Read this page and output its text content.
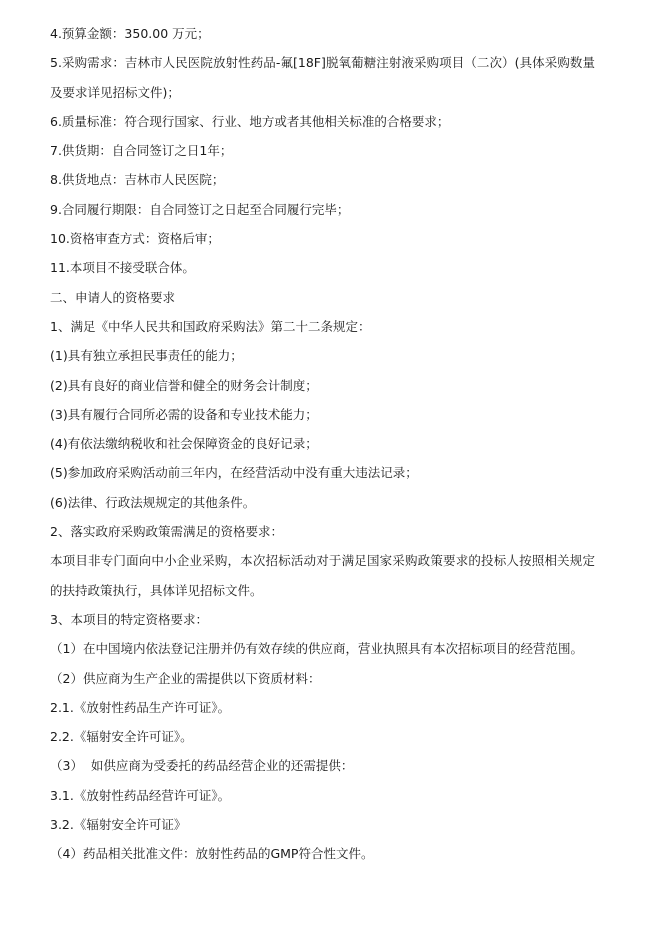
4.预算金额：350.00 万元；
5.采购需求：吉林市人民医院放射性药品-氟[18F]脱氧葡糖注射液采购项目（二次）(具体采购数量及要求详见招标文件)；
6.质量标准：符合现行国家、行业、地方或者其他相关标准的合格要求；
7.供货期：自合同签订之日1年；
8.供货地点：吉林市人民医院；
9.合同履行期限：自合同签订之日起至合同履行完毕；
10.资格审查方式：资格后审；
11.本项目不接受联合体。
二、申请人的资格要求
1、满足《中华人民共和国政府采购法》第二十二条规定：
(1)具有独立承担民事责任的能力；
(2)具有良好的商业信誉和健全的财务会计制度；
(3)具有履行合同所必需的设备和专业技术能力；
(4)有依法缴纳税收和社会保障资金的良好记录；
(5)参加政府采购活动前三年内，在经营活动中没有重大违法记录；
(6)法律、行政法规规定的其他条件。
2、落实政府采购政策需满足的资格要求：
本项目非专门面向中小企业采购，本次招标活动对于满足国家采购政策要求的投标人按照相关规定的扶持政策执行，具体详见招标文件。
3、本项目的特定资格要求：
（1）在中国境内依法登记注册并仍有效存续的供应商，营业执照具有本次招标项目的经营范围。
（2）供应商为生产企业的需提供以下资质材料：
2.1.《放射性药品生产许可证》。
2.2.《辐射安全许可证》。
（3）  如供应商为受委托的药品经营企业的还需提供：
3.1.《放射性药品经营许可证》。
3.2.《辐射安全许可证》
（4）药品相关批准文件：放射性药品的GMP符合性文件。
